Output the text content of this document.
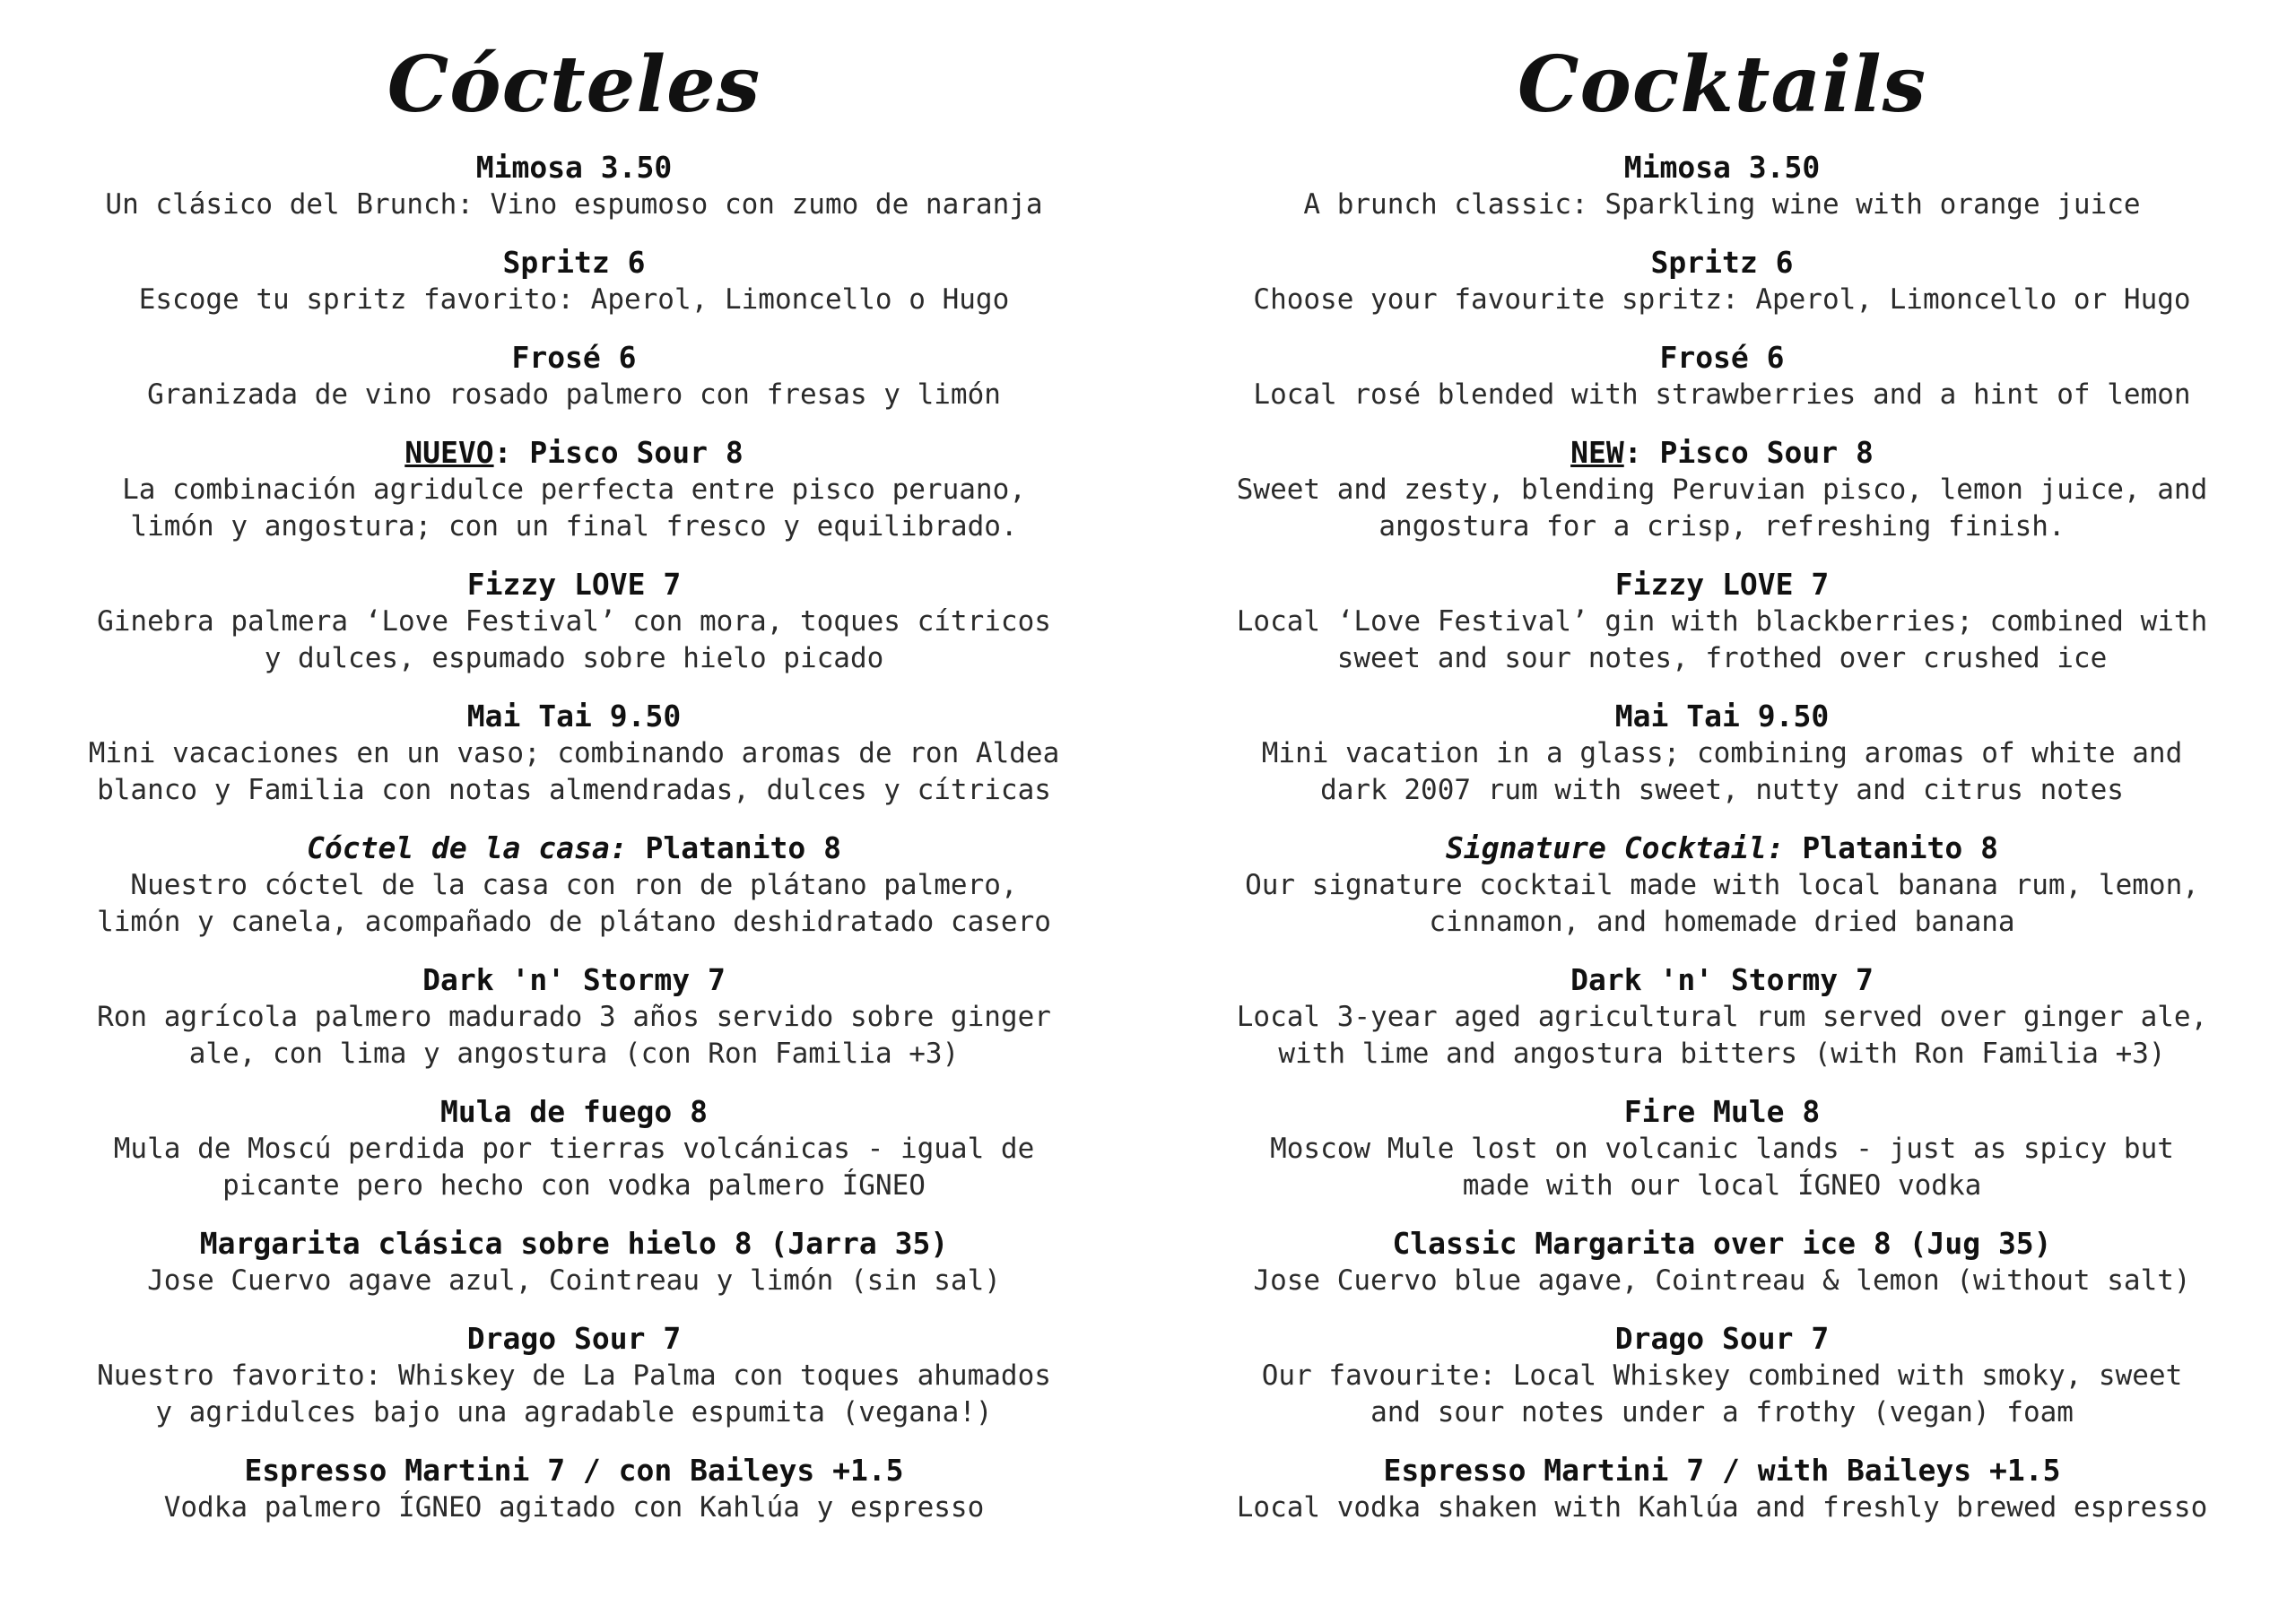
Cócteles
Mimosa 3.50
Un clásico del Brunch: Vino espumoso con zumo de naranja
Spritz 6
Escoge tu spritz favorito: Aperol, Limoncello o Hugo
Frosé 6
Granizada de vino rosado palmero con fresas y limón
NUEVO: Pisco Sour 8
La combinación agridulce perfecta entre pisco peruano,
limón y angostura; con un final fresco y equilibrado.
Fizzy LOVE 7
Ginebra palmera ‘Love Festival’ con mora, toques cítricos
y dulces, espumado sobre hielo picado
Mai Tai 9.50
Mini vacaciones en un vaso; combinando aromas de ron Aldea
blanco y Familia con notas almendradas, dulces y cítricas
Cóctel de la casa: Platanito 8
Nuestro cóctel de la casa con ron de plátano palmero,
limón y canela, acompañado de plátano deshidratado casero
Dark 'n' Stormy 7
Ron agrícola palmero madurado 3 años servido sobre ginger
ale, con lima y angostura (con Ron Familia +3)
Mula de fuego 8
Mula de Moscú perdida por tierras volcánicas - igual de
picante pero hecho con vodka palmero ÍGNEO
Margarita clásica sobre hielo 8 (Jarra 35)
Jose Cuervo agave azul, Cointreau y limón (sin sal)
Drago Sour 7
Nuestro favorito: Whiskey de La Palma con toques ahumados
y agridulces bajo una agradable espumita (vegana!)
Espresso Martini 7 / con Baileys +1.5
Vodka palmero ÍGNEO agitado con Kahlúa y espresso
Cocktails
Mimosa 3.50
A brunch classic: Sparkling wine with orange juice
Spritz 6
Choose your favourite spritz: Aperol, Limoncello or Hugo
Frosé 6
Local rosé blended with strawberries and a hint of lemon
NEW: Pisco Sour 8
Sweet and zesty, blending Peruvian pisco, lemon juice, and
angostura for a crisp, refreshing finish.
Fizzy LOVE 7
Local ‘Love Festival’ gin with blackberries; combined with
sweet and sour notes, frothed over crushed ice
Mai Tai 9.50
Mini vacation in a glass; combining aromas of white and
dark 2007 rum with sweet, nutty and citrus notes
Signature Cocktail: Platanito 8
Our signature cocktail made with local banana rum, lemon,
cinnamon, and homemade dried banana
Dark 'n' Stormy 7
Local 3-year aged agricultural rum served over ginger ale,
with lime and angostura bitters (with Ron Familia +3)
Fire Mule 8
Moscow Mule lost on volcanic lands - just as spicy but
made with our local ÍGNEO vodka
Classic Margarita over ice 8 (Jug 35)
Jose Cuervo blue agave, Cointreau & lemon (without salt)
Drago Sour 7
Our favourite: Local Whiskey combined with smoky, sweet
and sour notes under a frothy (vegan) foam
Espresso Martini 7 / with Baileys +1.5
Local vodka shaken with Kahlúa and freshly brewed espresso
